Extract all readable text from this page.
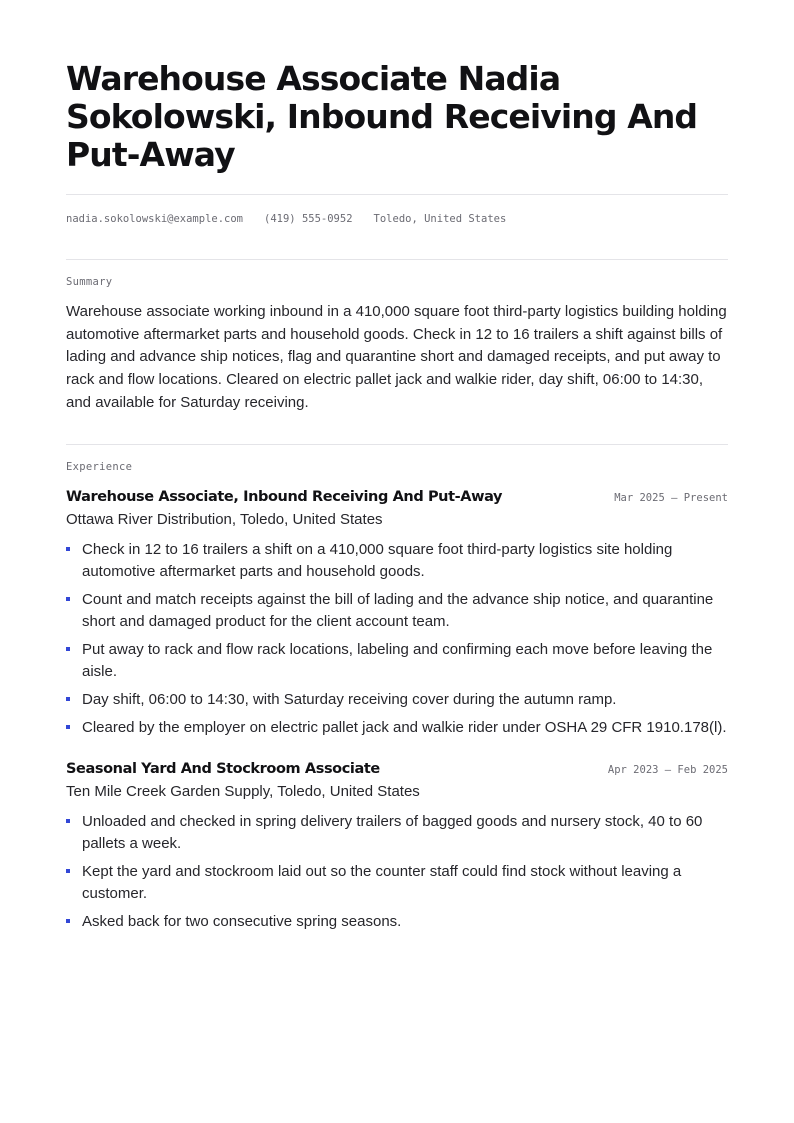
Warehouse Associate Nadia Sokolowski, Inbound Receiving And Put-Away
nadia.sokolowski@example.com (419) 555-0952 Toledo, United States
Summary

Warehouse associate working inbound in a 410,000 square foot third-party logistics building holding automotive aftermarket parts and household goods. Check in 12 to 16 trailers a shift against bills of lading and advance ship notices, flag and quarantine short and damaged receipts, and put away to rack and flow locations. Cleared on electric pallet jack and walkie rider, day shift, 06:00 to 14:30, and available for Saturday receiving.

Experience
Warehouse Associate, Inbound Receiving And Put-Away	Mar 2025 — Present
Ottawa River Distribution, Toledo, United States
Check in 12 to 16 trailers a shift on a 410,000 square foot third-party logistics site holding automotive aftermarket parts and household goods.
Count and match receipts against the bill of lading and the advance ship notice, and quarantine short and damaged product for the client account team.
Put away to rack and flow rack locations, labeling and confirming each move before leaving the aisle.
Day shift, 06:00 to 14:30, with Saturday receiving cover during the autumn ramp.
Cleared by the employer on electric pallet jack and walkie rider under OSHA 29 CFR 1910.178(l).
Seasonal Yard And Stockroom Associate	Apr 2023 — Feb 2025
Ten Mile Creek Garden Supply, Toledo, United States
Unloaded and checked in spring delivery trailers of bagged goods and nursery stock, 40 to 60 pallets a week.
Kept the yard and stockroom laid out so the counter staff could find stock without leaving a customer.
Asked back for two consecutive spring seasons.
